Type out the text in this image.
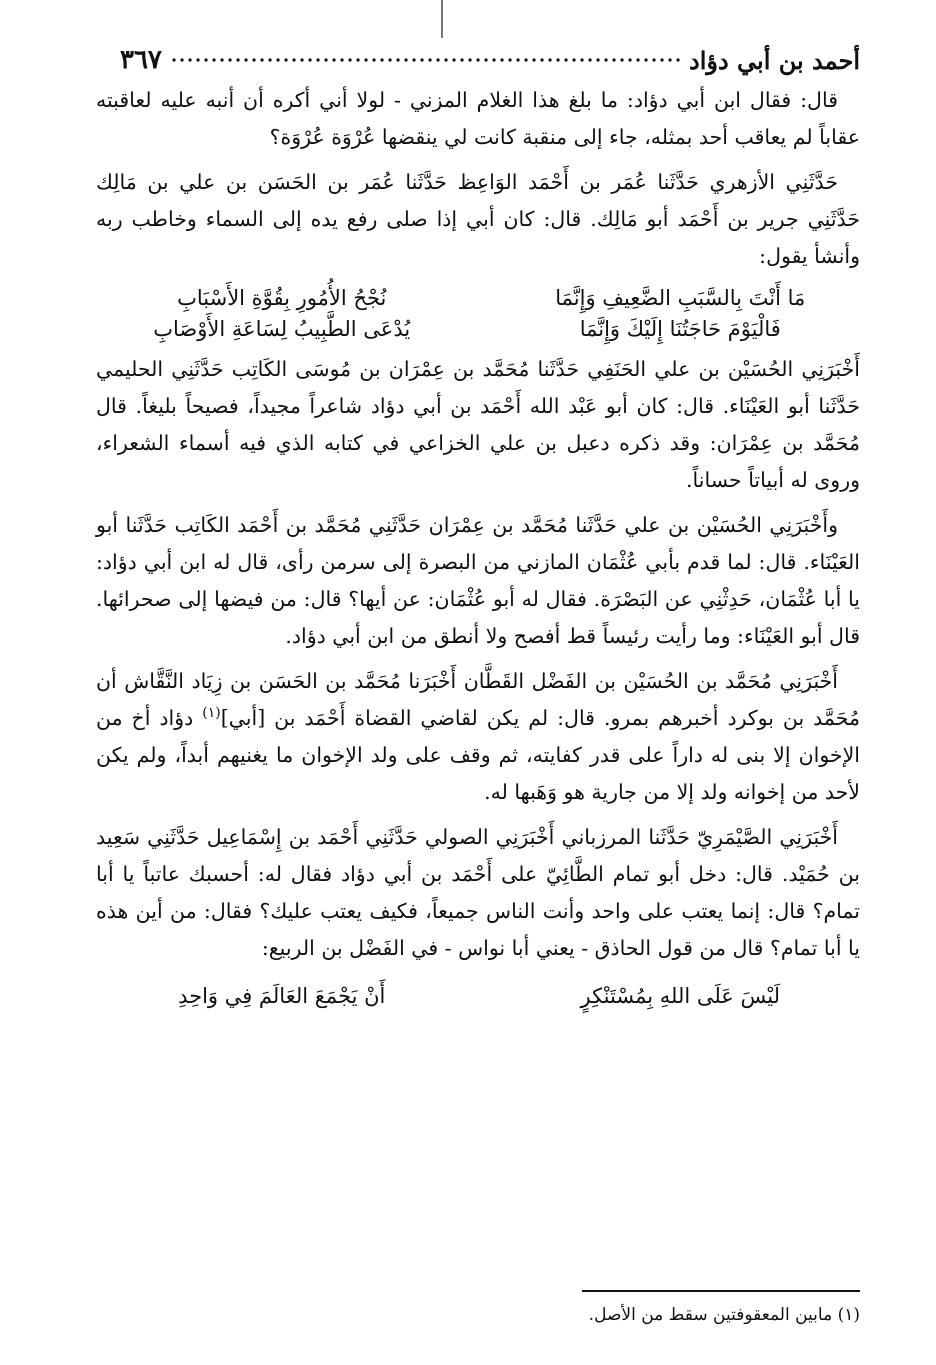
أحمد بن أبي دؤاد
٣٦٧

قال: فقال ابن أبي دؤاد: ما بلغ هذا الغلام المزني - لولا أني أكره أن أنبه عليه لعاقبته عقاباً لم يعاقب أحد بمثله، جاء إلى منقبة كانت لي ينقضها عُرْوَة عُرْوَة؟

حَدَّثَنِي الأزهري حَدَّثَنا عُمَر بن أَحْمَد الوَاعِظ حَدَّثَنا عُمَر بن الحَسَن بن علي بن مَالِك حَدَّثَنِي جرير بن أَحْمَد أبو مَالِك. قال: كان أبي إذا صلى رفع يده إلى السماء وخاطب ربه وأنشأ يقول:

مَا أَنْتَ بِالسَّبَبِ الضَّعِيفِ وَإِنَّمَا
نُجْحُ الأُمُورِ بِقُوَّةِ الأَسْبَابِ
فَالْيَوْمَ حَاجَتُنَا إِلَيْكَ وَإِنَّمَا
يُدْعَى الطَّبِيبُ لِسَاعَةِ الأَوْصَابِ

أَخْبَرَنِي الحُسَيْن بن علي الحَنَفِي حَدَّثَنا مُحَمَّد بن عِمْرَان بن مُوسَى الكَاتِب حَدَّثَنِي الحليمي حَدَّثَنا أبو العَيْنَاء. قال: كان أبو عَبْد الله أَحْمَد بن أبي دؤاد شاعراً مجيداً، فصيحاً بليغاً. قال مُحَمَّد بن عِمْرَان: وقد ذكره دعبل بن علي الخزاعي في كتابه الذي فيه أسماء الشعراء، وروى له أبياتاً حساناً.

وأَخْبَرَنِي الحُسَيْن بن علي حَدَّثَنا مُحَمَّد بن عِمْرَان حَدَّثَنِي مُحَمَّد بن أَحْمَد الكَاتِب حَدَّثَنا أبو العَيْنَاء. قال: لما قدم بأبي عُثْمَان المازني من البصرة إلى سرمن رأى، قال له ابن أبي دؤاد: يا أبا عُثْمَان، حَدِثْنِي عن البَصْرَة. فقال له أبو عُثْمَان: عن أيها؟ قال: من فيضها إلى صحرائها. قال أبو العَيْنَاء: وما رأيت رئيساً قط أفصح ولا أنطق من ابن أبي دؤاد.

أَخْبَرَنِي مُحَمَّد بن الحُسَيْن بن الفَضْل القَطَّان أَخْبَرَنا مُحَمَّد بن الحَسَن بن زِيَاد النَّقَّاش أن مُحَمَّد بن بوكرد أخبرهم بمرو. قال: لم يكن لقاضي القضاة أَحْمَد بن [أبي]$^{(١)}$ دؤاد أخ من الإخوان إلا بنى له داراً على قدر كفايته، ثم وقف على ولد الإخوان ما يغنيهم أبداً، ولم يكن لأحد من إخوانه ولد إلا من جارية هو وَهَبها له.

أَخْبَرَنِي الصَّيْمَرِيّ حَدَّثَنا المرزباني أَخْبَرَنِي الصولي حَدَّثَنِي أَحْمَد بن إِسْمَاعِيل حَدَّثَنِي سَعِيد بن حُمَيْد. قال: دخل أبو تمام الطَّائِيّ على أَحْمَد بن أبي دؤاد فقال له: أحسبك عاتباً يا أبا تمام؟ قال: إنما يعتب على واحد وأنت الناس جميعاً، فكيف يعتب عليك؟ فقال: من أين هذه يا أبا تمام؟ قال من قول الحاذق - يعني أبا نواس - في الفَضْل بن الربيع:

لَيْسَ عَلَى اللهِ بِمُسْتَنْكِرٍ
أَنْ يَجْمَعَ العَالَمَ فِي وَاحِدِ
(١) مابين المعقوفتين سقط من الأصل.
